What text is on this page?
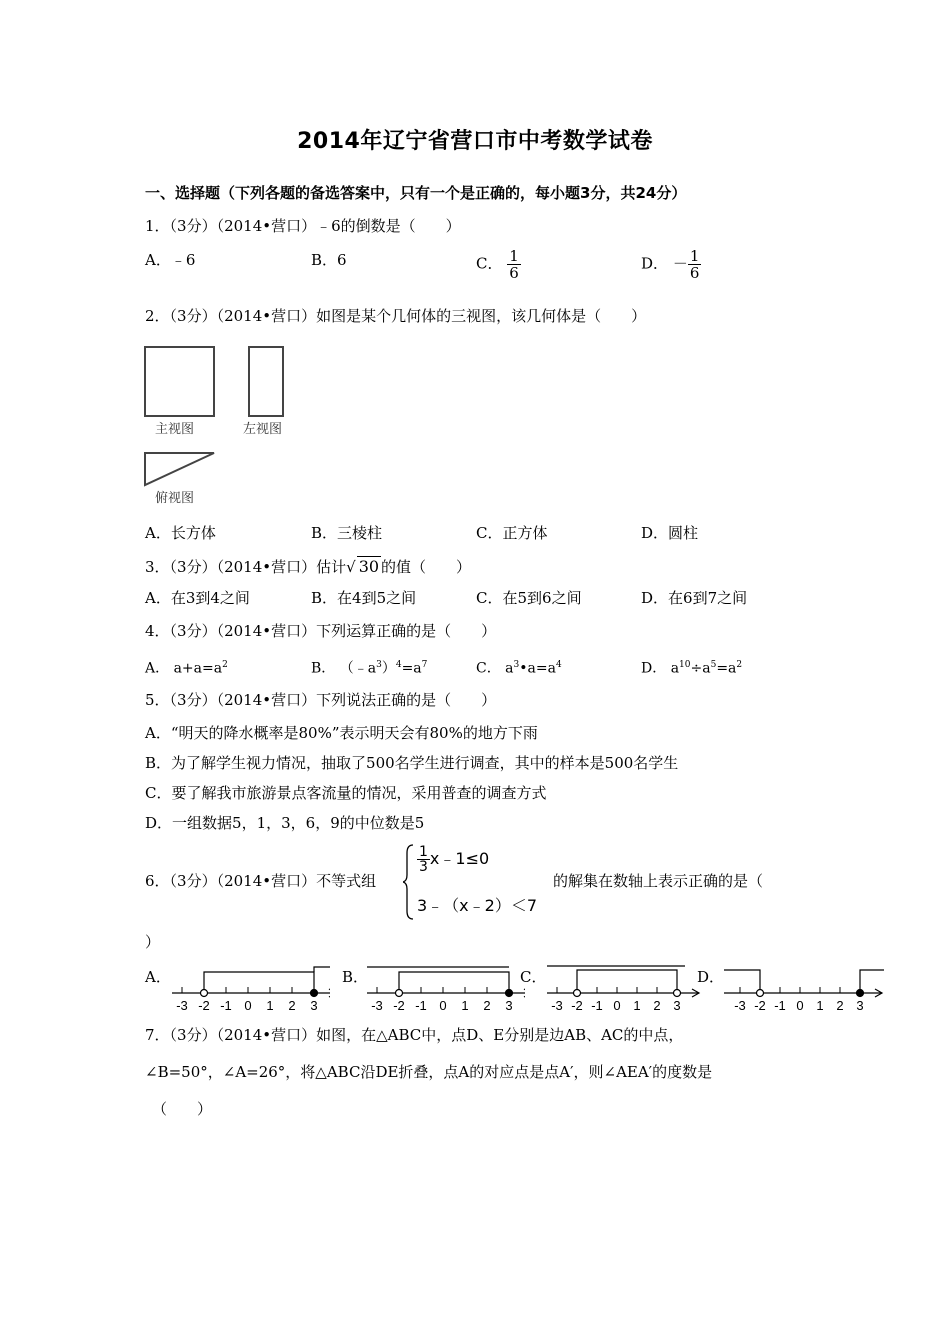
2014年辽宁省营口市中考数学试卷
一、选择题（下列各题的备选答案中，只有一个是正确的，每小题3分，共24分）
1．（3分）（2014•营口）﹣6的倒数是（　　）
A．﹣6	B．6	C． $\frac{1}{6}$	D． － $\frac{1}{6}$
2．（3分）（2014•营口）如图是某个几何体的三视图，该几何体是（　　）
主视图	左视图
俯视图
A．长方体	B．三棱柱	C．正方体	D．圆柱
3．（3分）（2014•营口）估计√ 30 的值（　　）
A．在3到4之间	B．在4到5之间	C．在5到6之间	D．在6到7之间
4．（3分）（2014•营口）下列运算正确的是（　　）
A． $a+a=a^2$	B． $(﹣a^3)^4=a^7$	C． $a^3•a=a^4$	D． $a^{10}\div a^5=a^2$
5．（3分）（2014•营口）下列说法正确的是（　　）
A．“明天的降水概率是80%”表示明天会有80%的地方下雨
B．为了解学生视力情况，抽取了500名学生进行调查，其中的样本是500名学生
C．要了解我市旅游景点客流量的情况，采用普查的调查方式
D．一组数据5，1，3，6，9的中位数是5
6．（3分）（2014•营口）不等式组
$\frac{1}{3}$ x﹣1≤0
3﹣（x﹣2）＜7
的解集在数轴上表示正确的是（
）
A．	B．	C．	D．
-3 -2 -1 0 1 2 3	-3 -2 -1 0 1 2 3	-3 -2 -1 0 1 2 3	-3 -2 -1 0 1 2 3
7．（3分）（2014•营口）如图，在△ABC中，点D、E分别是边AB、AC的中点，
∠B=50°，∠A=26°，将△ABC沿DE折叠，点A的对应点是点A′，则∠AEA′的度数是
（　　）
